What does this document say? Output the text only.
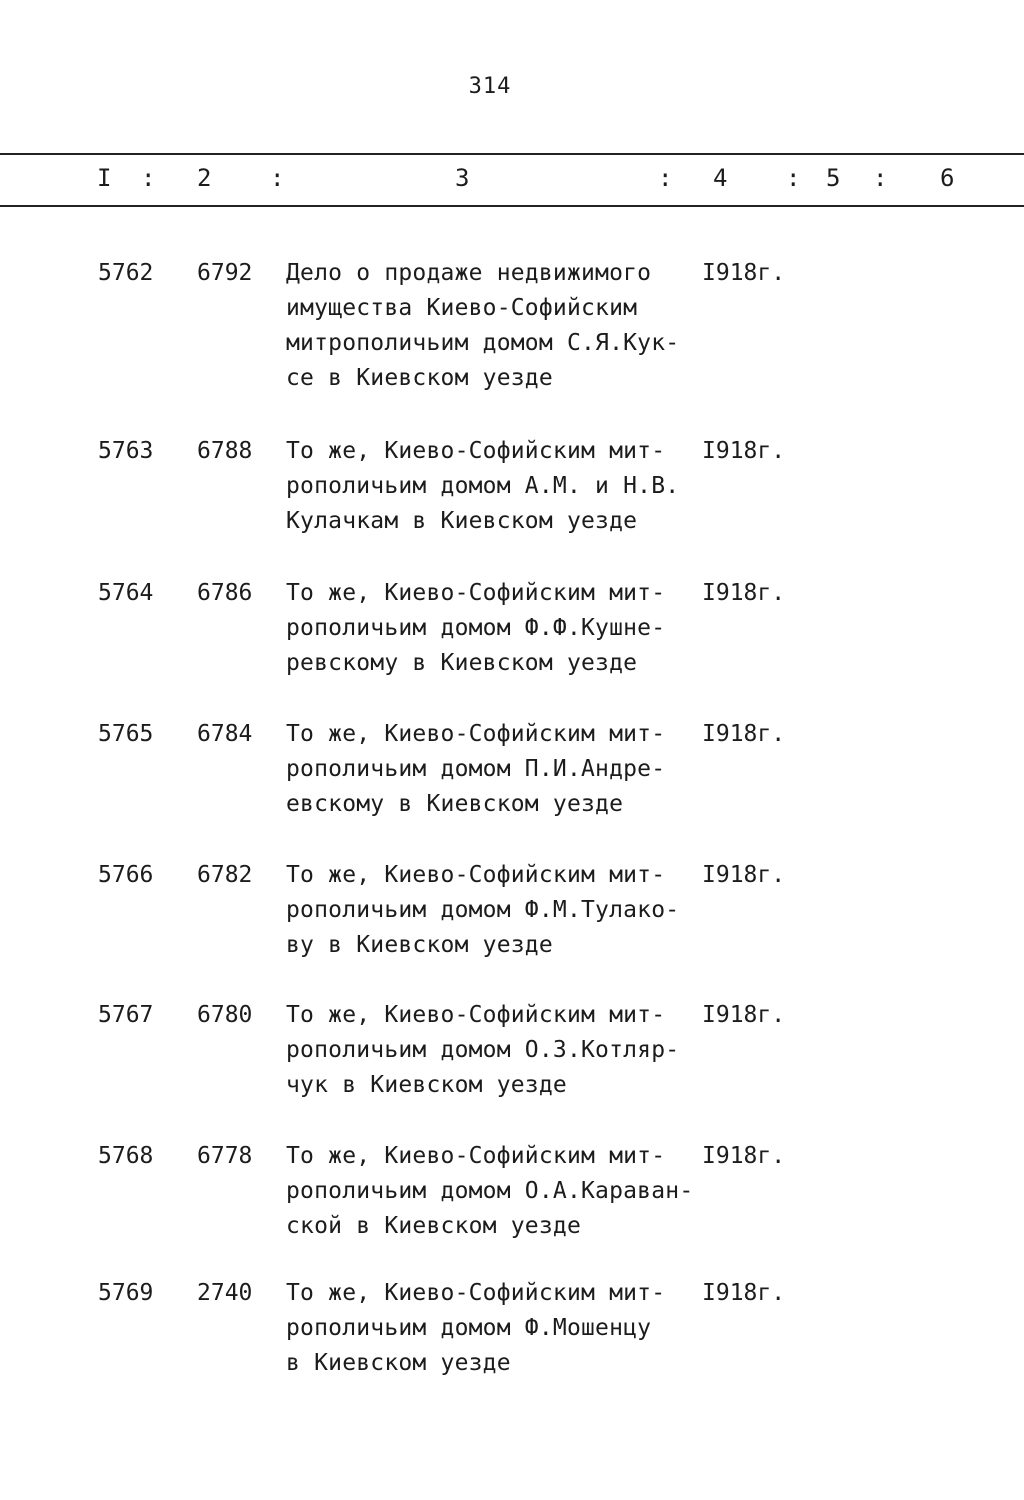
314
I : 2 :	3	: 4 : 5 : 6
5762 6792 Дело о продаже недвижимого
имущества Киево-Софийским
митрополичьим домом С.Я.Кук-
се в Киевском уезде
I918г.
5763 6788 То же, Киево-Софийским мит-
рополичьим домом А.М. и Н.В.
Кулачкам в Киевском уезде
I918г.
5764 6786 То же, Киево-Софийским мит-
рополичьим домом Ф.Ф.Кушне-
ревскому в Киевском уезде
I918г.
5765 6784 То же, Киево-Софийским мит-
рополичьим домом П.И.Андре-
евскому в Киевском уезде
I918г.
5766 6782 То же, Киево-Софийским мит-
рополичьим домом Ф.М.Тулако-
ву в Киевском уезде
I918г.
5767 6780 То же, Киево-Софийским мит-
рополичьим домом О.З.Котляр-
чук в Киевском уезде
I918г.
5768 6778 То же, Киево-Софийским мит-
рополичьим домом О.А.Караван-
ской в Киевском уезде
I918г.
5769 2740 То же, Киево-Софийским мит-
рополичьим домом Ф.Мошенцу
в Киевском уезде
I918г.
